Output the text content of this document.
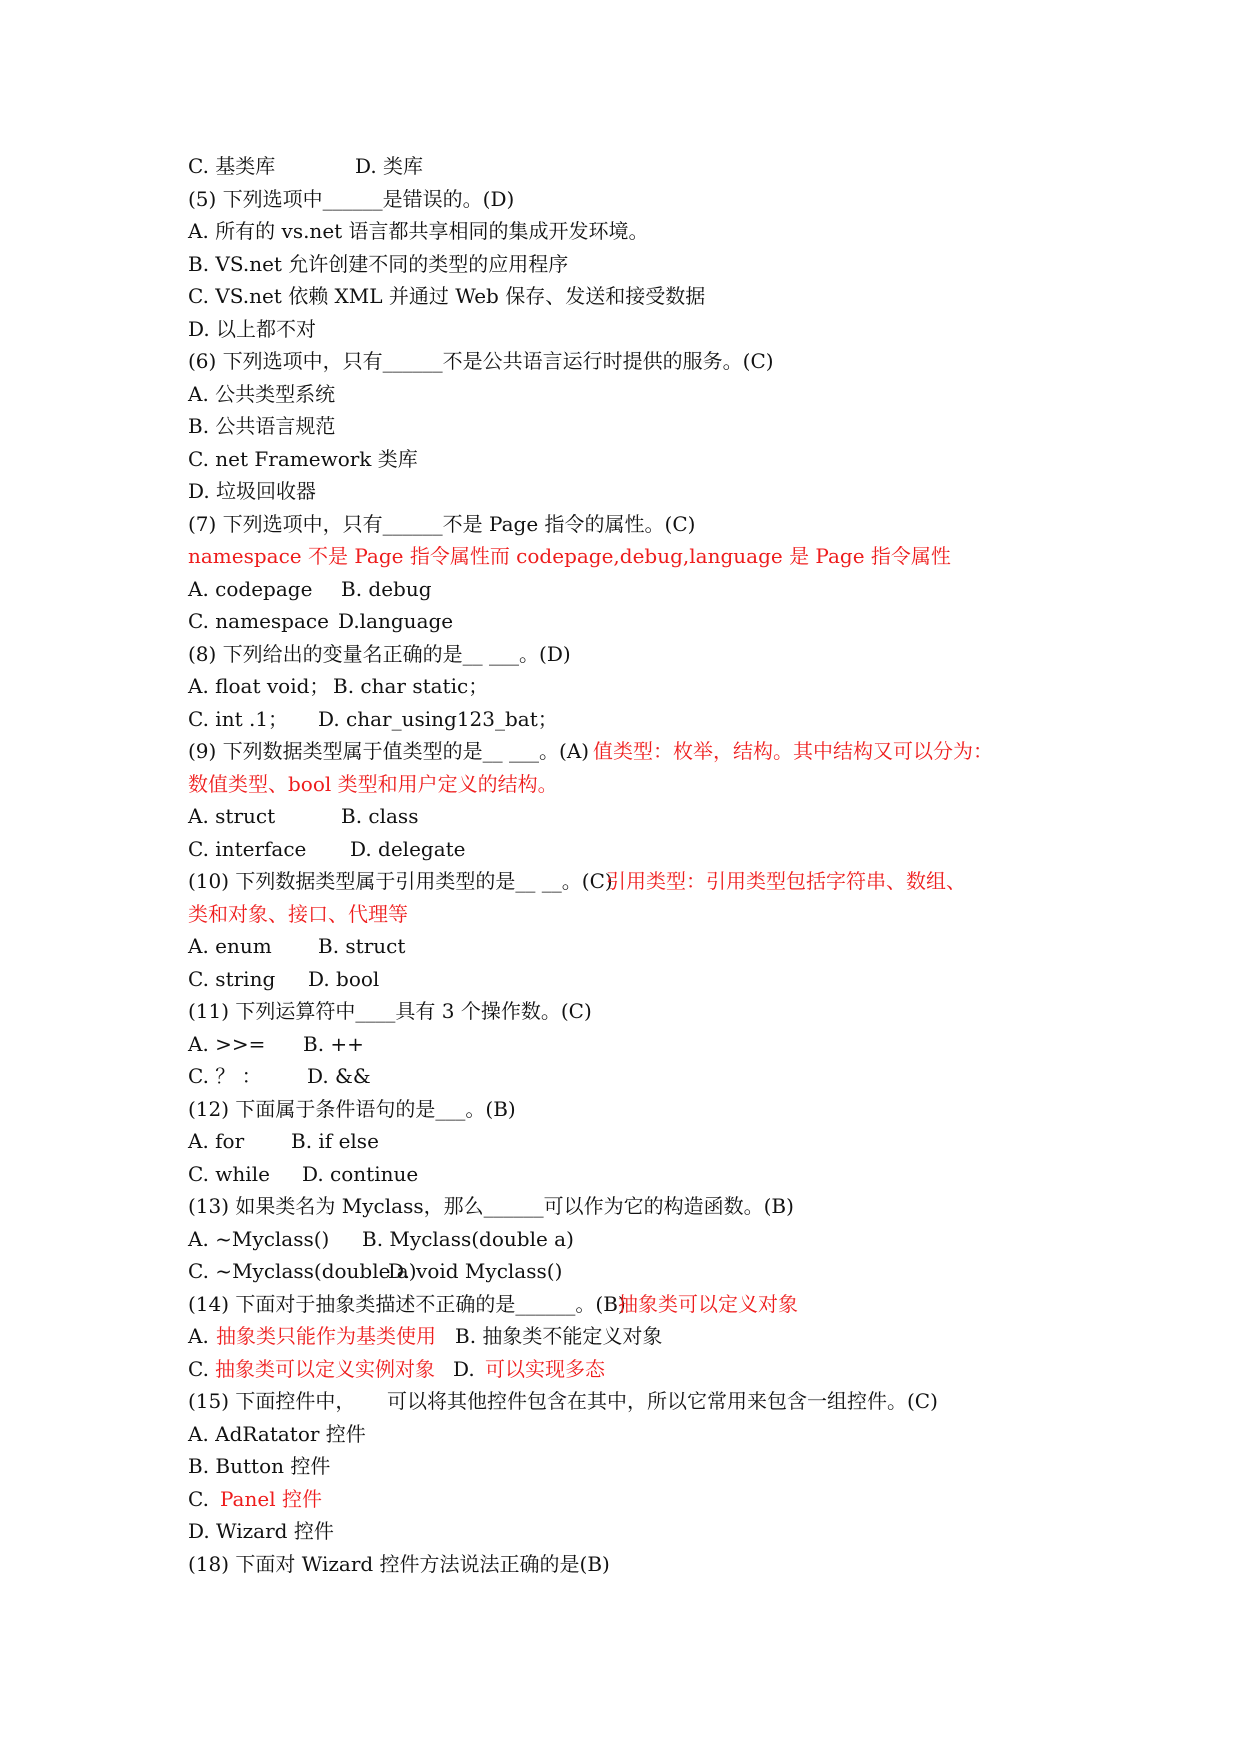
C. 基类库	D. 类库
(5) 下列选项中______是错误的。(D)
A. 所有的 vs.net 语言都共享相同的集成开发环境。
B. VS.net 允许创建不同的类型的应用程序
C. VS.net 依赖 XML 并通过 Web 保存、发送和接受数据
D. 以上都不对
(6) 下列选项中，只有______不是公共语言运行时提供的服务。(C)
A. 公共类型系统
B. 公共语言规范
C. net Framework 类库
D. 垃圾回收器
(7) 下列选项中，只有______不是 Page 指令的属性。(C)
namespace 不是 Page 指令属性而 codepage,debug,language 是 Page 指令属性
A. codepage B. debug
C. namespace D.language
(8) 下列给出的变量名正确的是__ ___。(D)
A. float void； B. char static；
C. int .1； D. char_using123_bat；
(9) 下列数据类型属于值类型的是__ ___。(A) 值类型：枚举，结构。其中结构又可以分为：
数值类型、bool 类型和用户定义的结构。
A. struct	B. class
C. interface D. delegate
(10) 下列数据类型属于引用类型的是__ __。(C)
引用类型：引用类型包括字符串、数组、
类和对象、接口、代理等
A. enum B. struct
C. string D. bool
(11) 下列运算符中____具有 3 个操作数。(C)
A. >>= B. ++
C. ？ ： D. &&
(12) 下面属于条件语句的是___。(B)
A. for B. if else
C. while D. continue
(13) 如果类名为 Myclass，那么______可以作为它的构造函数。(B)
A. ~Myclass() B. Myclass(double a)
C. ~Myclass(double a)
D. void Myclass()
(14) 下面对于抽象类描述不正确的是______。(B)
抽象类可以定义对象
A. 抽象类只能作为基类使用 B. 抽象类不能定义对象
C. 抽象类可以定义实例对象 D. 可以实现多态
(15) 下面控件中， 可以将其他控件包含在其中，所以它常用来包含一组控件。(C)
A. AdRatator 控件
B. Button 控件
C. Panel 控件
D. Wizard 控件
(18) 下面对 Wizard 控件方法说法正确的是(B)
